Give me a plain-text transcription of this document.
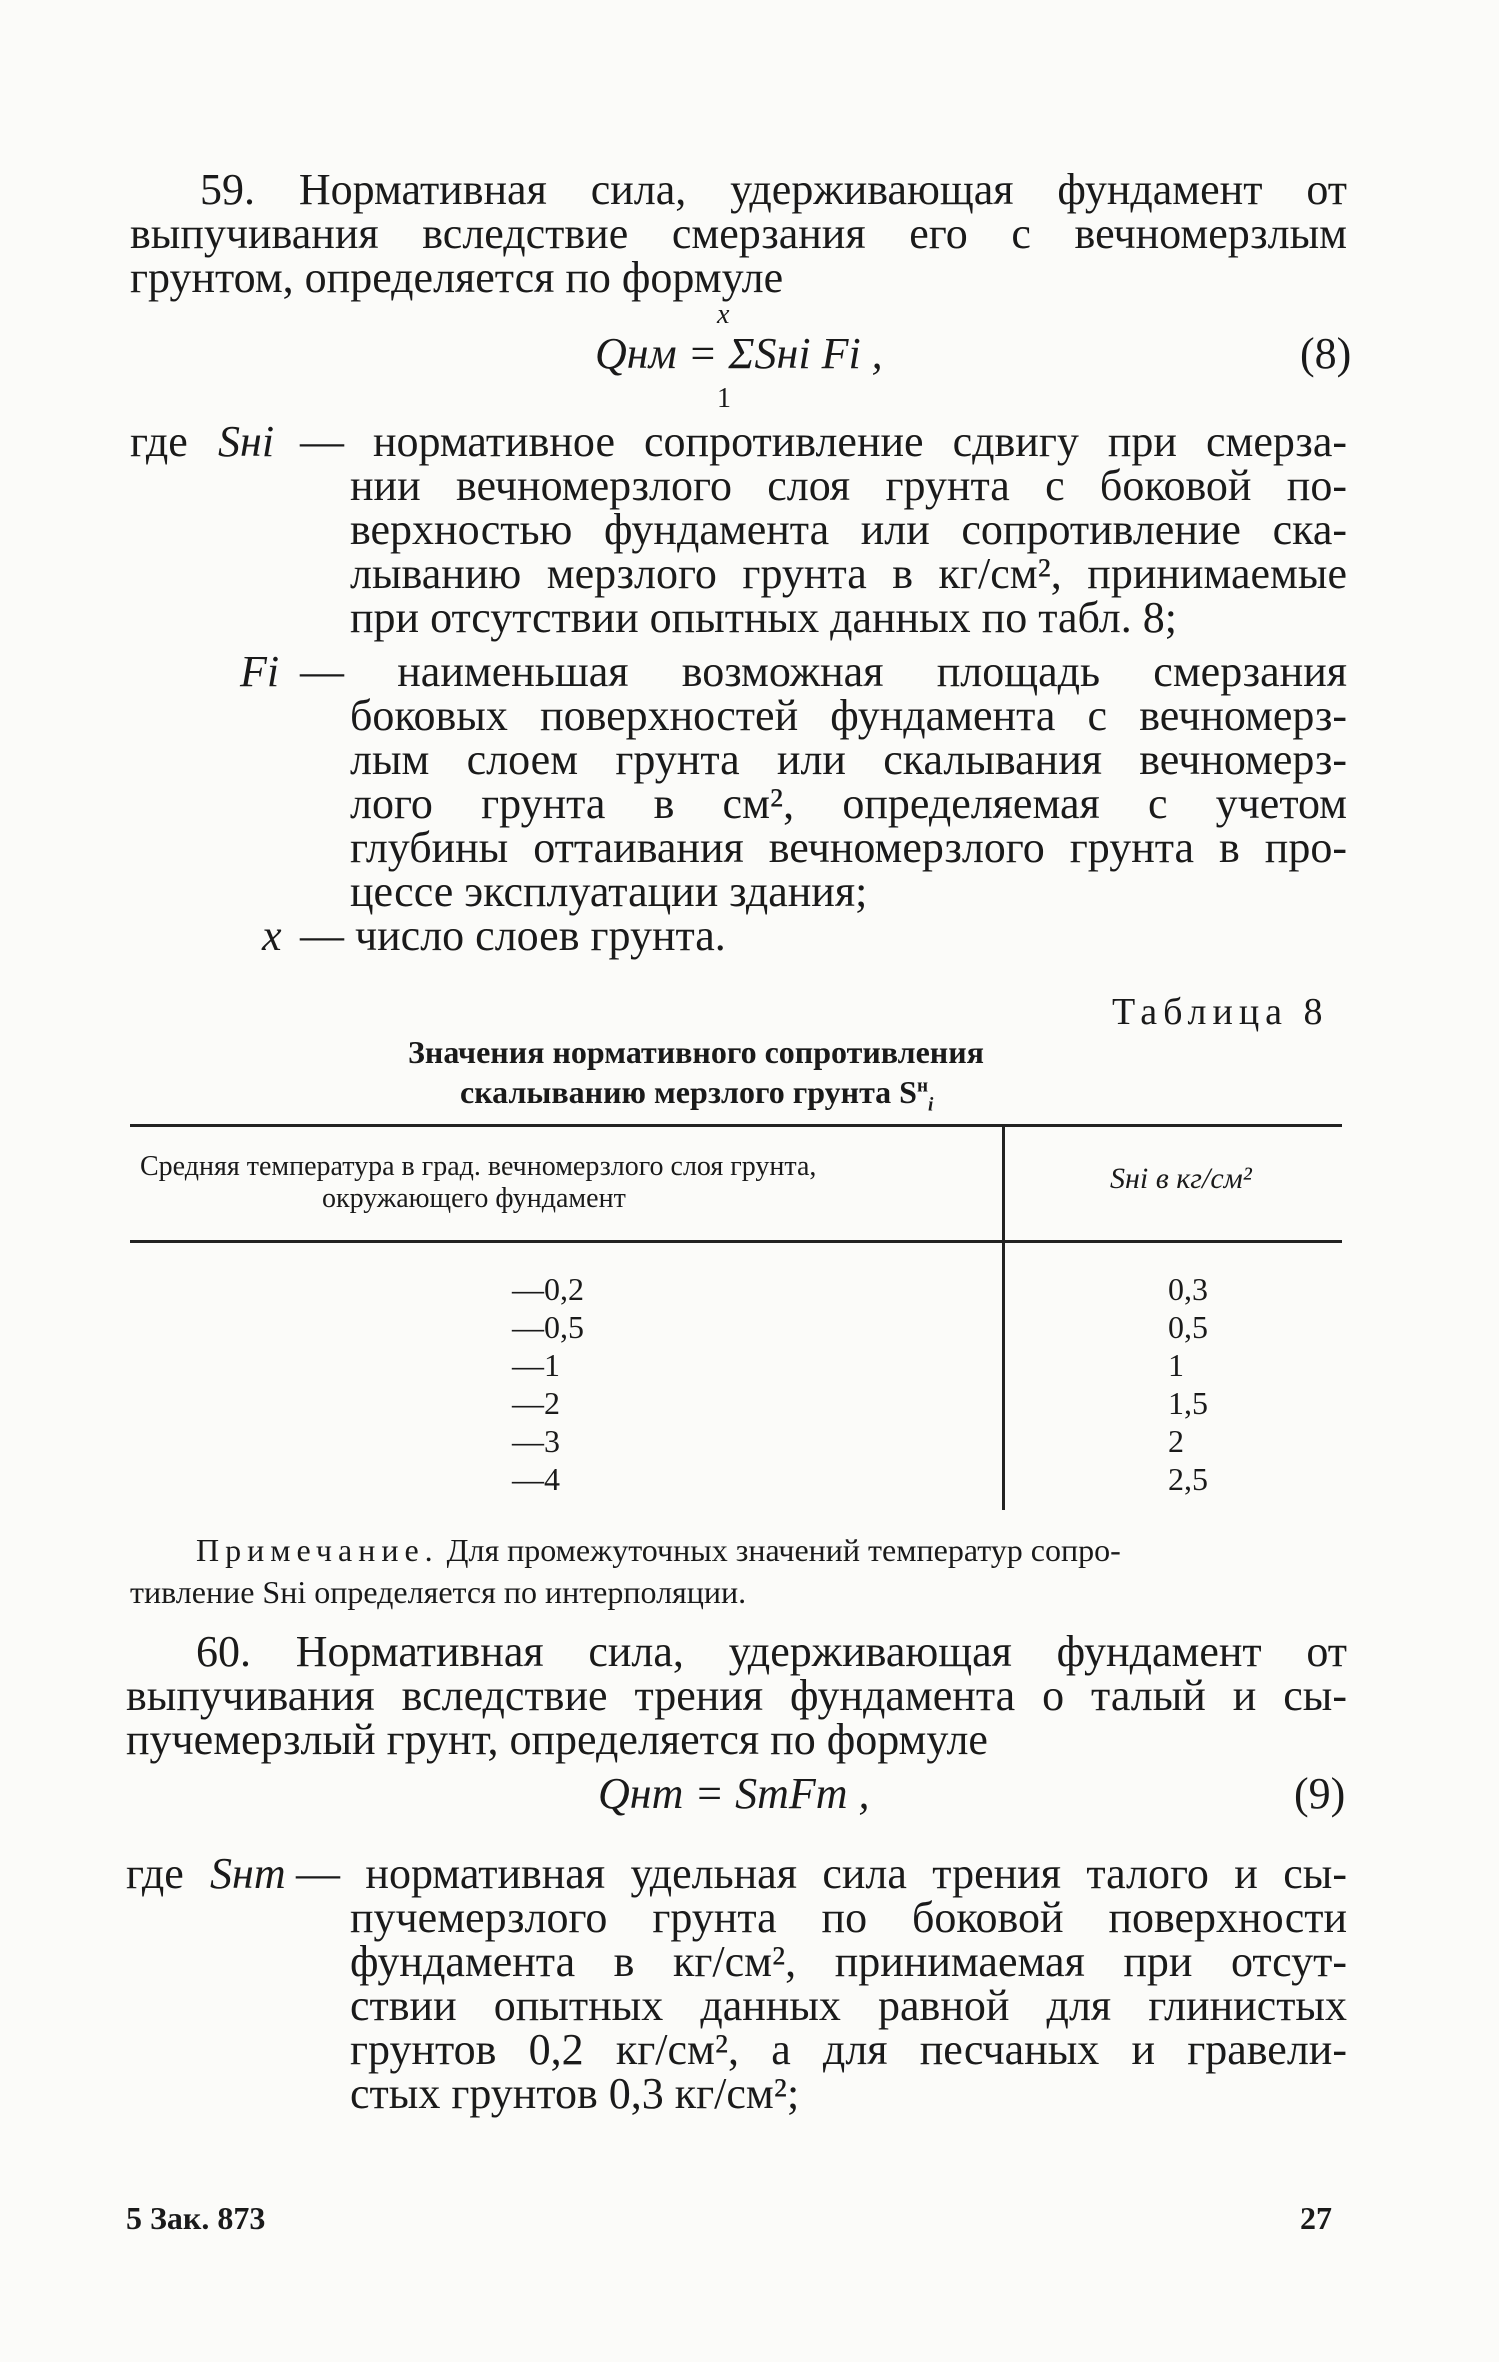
59. Нормативная сила, удерживающая фундамент от
выпучивания вследствие смерзания его с вечномерзлым
грунтом, определяется по формуле
x
Qнм = ΣSнi Fi ,
1
(8)
где Sнi — нормативное сопротивление сдвигу при смерза-
нии вечномерзлого слоя грунта с боковой по-
верхностью фундамента или сопротивление ска-
лыванию мерзлого грунта в кг/см², принимаемые
при отсутствии опытных данных по табл. 8;
Fi — наименьшая возможная площадь смерзания
боковых поверхностей фундамента с вечномерз-
лым слоем грунта или скалывания вечномерз-
лого грунта в см², определяемая с учетом
глубины оттаивания вечномерзлого грунта в про-
цессе эксплуатации здания;
x — число слоев грунта.
Таблица 8
Значения нормативного сопротивления
скалыванию мерзлого грунта $S^н_i$
Средняя температура в град. вечномерзлого слоя грунта,
окружающего фундамент
Sнi в кг/см²
—0,2
—0,5
—1
—2
—3
—4
0,3
0,5
1
1,5
2
2,5
Примечание. Для промежуточных значений температур сопро-
тивление Sнi определяется по интерполяции.
60. Нормативная сила, удерживающая фундамент от
выпучивания вследствие трения фундамента о талый и сы-
пучемерзлый грунт, определяется по формуле
Qнт = SтFт ,	(9)
где Sнт — нормативная удельная сила трения талого и сы-
пучемерзлого грунта по боковой поверхности
фундамента в кг/см², принимаемая при отсут-
ствии опытных данных равной для глинистых
грунтов 0,2 кг/см², а для песчаных и гравели-
стых грунтов 0,3 кг/см²;
5 Зак. 873	27
